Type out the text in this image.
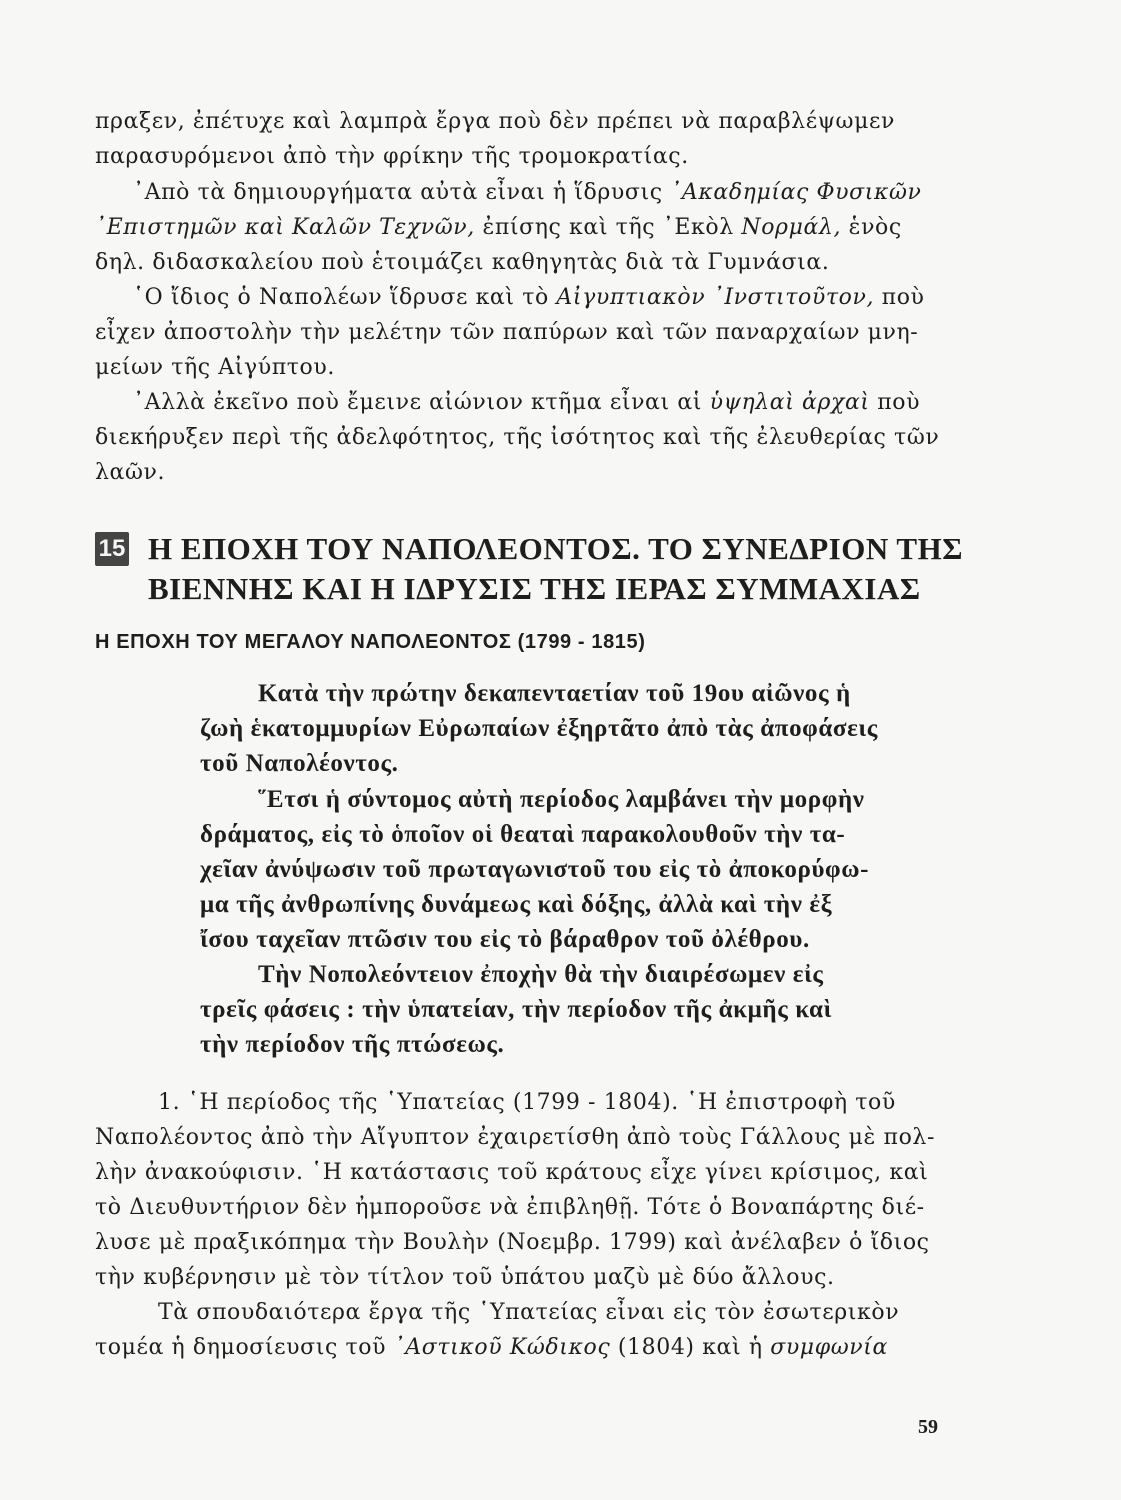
πραξεν, ἐπέτυχε καὶ λαμπρὰ ἔργα ποὺ δὲν πρέπει νὰ παραβλέψωμεν
παρασυρόμενοι ἀπὸ τὴν φρίκην τῆς τρομοκρατίας.
᾿Απὸ τὰ δημιουργήματα αὐτὰ εἶναι ἡ ἵδρυσις ᾿Ακαδημίας Φυσικῶν
᾿Επιστημῶν καὶ Καλῶν Τεχνῶν, ἐπίσης καὶ τῆς ᾿Εκὸλ Νορμάλ, ἑνὸς
δηλ. διδασκαλείου ποὺ ἑτοιμάζει καθηγητὰς διὰ τὰ Γυμνάσια.
῾Ο ἴδιος ὁ Ναπολέων ἵδρυσε καὶ τὸ Αἰγυπτιακὸν ᾿Ινστιτοῦτον, ποὺ
εἶχεν ἀποστολὴν τὴν μελέτην τῶν παπύρων καὶ τῶν παναρχαίων μνη-
μείων τῆς Αἰγύπτου.
᾿Αλλὰ ἐκεῖνο ποὺ ἔμεινε αἰώνιον κτῆμα εἶναι αἱ ὑψηλαὶ ἀρχαὶ ποὺ
διεκήρυξεν περὶ τῆς ἀδελφότητος, τῆς ἰσότητος καὶ τῆς ἐλευθερίας τῶν
λαῶν.
15 Η ΕΠΟΧΗ ΤΟΥ ΝΑΠΟΛΕΟΝΤΟΣ. ΤΟ ΣΥΝΕΔΡΙΟΝ ΤΗΣ
ΒΙΕΝΝΗΣ ΚΑΙ Η ΙΔΡΥΣΙΣ ΤΗΣ ΙΕΡΑΣ ΣΥΜΜΑΧΙΑΣ
Η ΕΠΟΧΗ ΤΟΥ ΜΕΓΑΛΟΥ ΝΑΠΟΛΕΟΝΤΟΣ (1799 - 1815)
Κατὰ τὴν πρώτην δεκαπενταετίαν τοῦ 19ου αἰῶνος ἡ
ζωὴ ἑκατομμυρίων Εὐρωπαίων ἐξηρτᾶτο ἀπὸ τὰς ἀποφάσεις
τοῦ Ναπολέοντος.
῞Ετσι ἡ σύντομος αὐτὴ περίοδος λαμβάνει τὴν μορφὴν
δράματος, εἰς τὸ ὁποῖον οἱ θεαταὶ παρακολουθοῦν τὴν τα-
χεῖαν ἀνύψωσιν τοῦ πρωταγωνιστοῦ του εἰς τὸ ἀποκορύφω-
μα τῆς ἀνθρωπίνης δυνάμεως καὶ δόξης, ἀλλὰ καὶ τὴν ἐξ
ἴσου ταχεῖαν πτῶσιν του εἰς τὸ βάραθρον τοῦ ὀλέθρου.
Τὴν Νοπολεόντειον ἐποχὴν θὰ τὴν διαιρέσωμεν εἰς
τρεῖς φάσεις : τὴν ὑπατείαν, τὴν περίοδον τῆς ἀκμῆς καὶ
τὴν περίοδον τῆς πτώσεως.
1. ῾Η περίοδος τῆς ῾Υπατείας (1799 - 1804). ῾Η ἐπιστροφὴ τοῦ
Ναπολέοντος ἀπὸ τὴν Αἴγυπτον ἐχαιρετίσθη ἀπὸ τοὺς Γάλλους μὲ πολ-
λὴν ἀνακούφισιν. ῾Η κατάστασις τοῦ κράτους εἶχε γίνει κρίσιμος, καὶ
τὸ Διευθυντήριον δὲν ἠμποροῦσε νὰ ἐπιβληθῇ. Τότε ὁ Βοναπάρτης διέ-
λυσε μὲ πραξικόπημα τὴν Βουλὴν (Νοεμβρ. 1799) καὶ ἀνέλαβεν ὁ ἴδιος
τὴν κυβέρνησιν μὲ τὸν τίτλον τοῦ ὑπάτου μαζὺ μὲ δύο ἄλλους.
Τὰ σπουδαιότερα ἔργα τῆς ῾Υπατείας εἶναι εἰς τὸν ἐσωτερικὸν
τομέα ἡ δημοσίευσις τοῦ ᾿Αστικοῦ Κώδικος (1804) καὶ ἡ συμφωνία
59
